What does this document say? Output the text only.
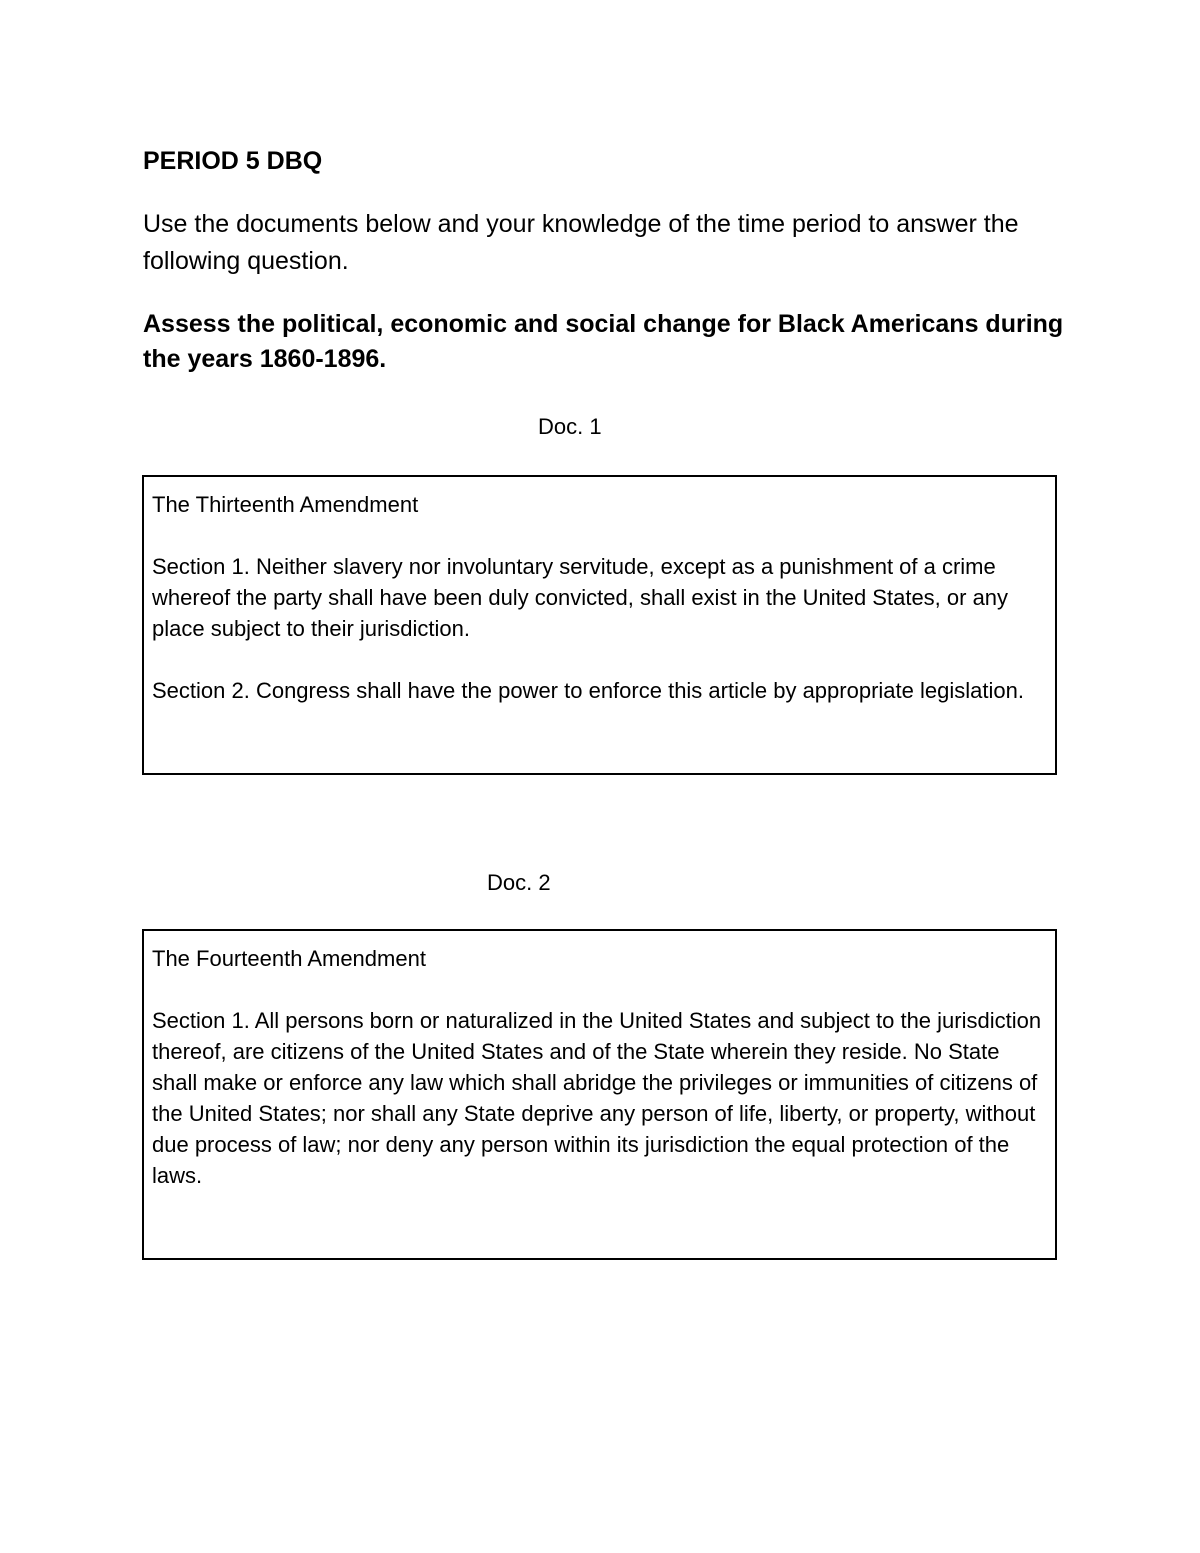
PERIOD 5 DBQ

Use the documents below and your knowledge of the time period to answer the following question.

Assess the political, economic and social change for Black Americans during the years 1860-1896.

Doc. 1

The Thirteenth Amendment

Section 1. Neither slavery nor involuntary servitude, except as a punishment of a crime whereof the party shall have been duly convicted, shall exist in the United States, or any place subject to their jurisdiction.

Section 2. Congress shall have the power to enforce this article by appropriate legislation.

Doc. 2

The Fourteenth Amendment

Section 1. All persons born or naturalized in the United States and subject to the jurisdiction thereof, are citizens of the United States and of the State wherein they reside. No State shall make or enforce any law which shall abridge the privileges or immunities of citizens of the United States; nor shall any State deprive any person of life, liberty, or property, without due process of law; nor deny any person within its jurisdiction the equal protection of the laws.
